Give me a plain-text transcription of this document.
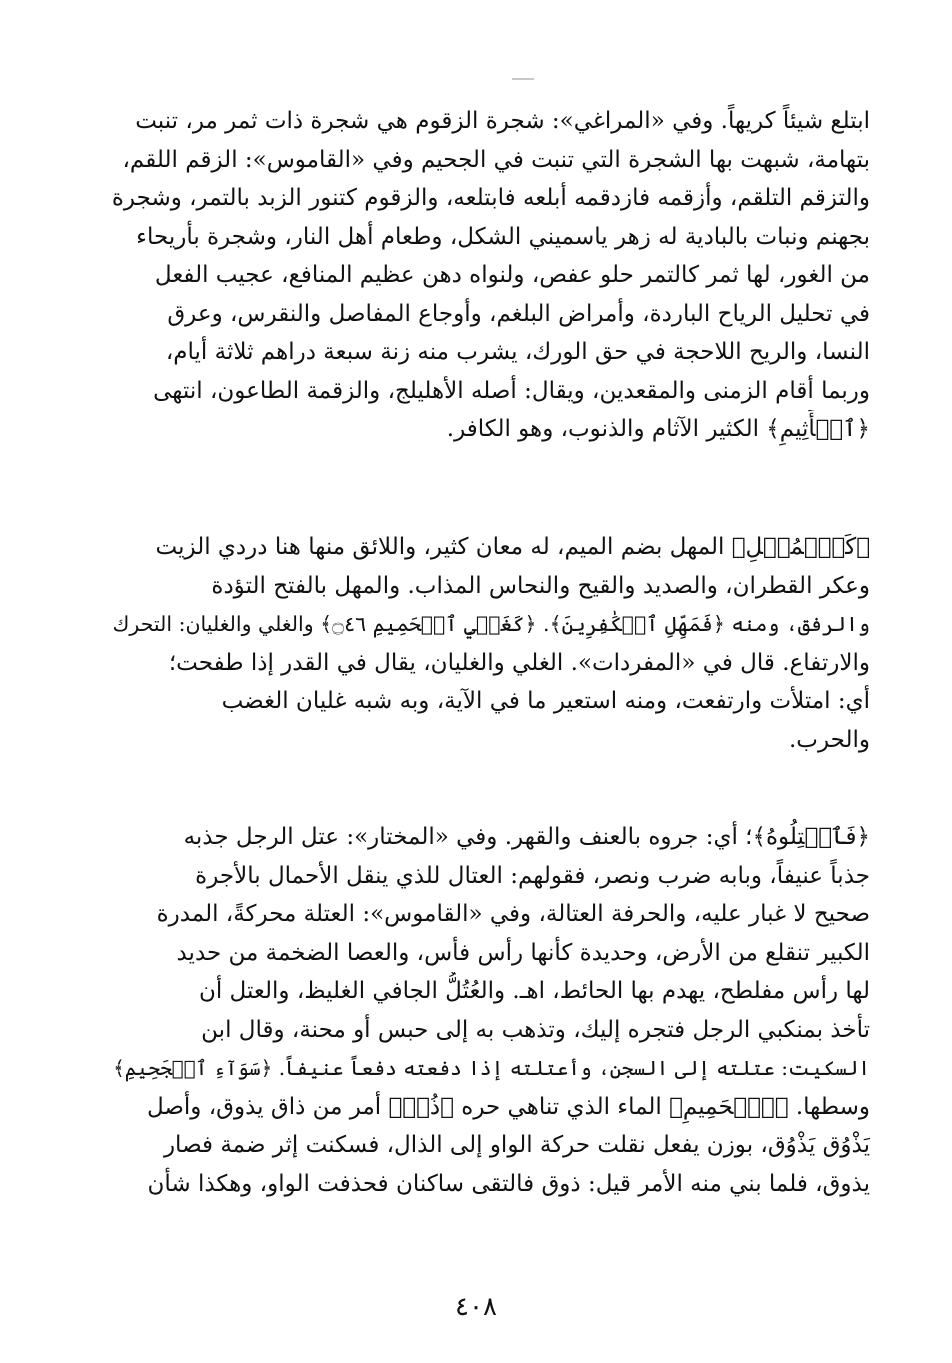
ابتلع شيئاً كريهاً. وفي «المراغي»: شجرة الزقوم هي شجرة ذات ثمر مر، تنبت
بتهامة، شبهت بها الشجرة التي تنبت في الجحيم وفي «القاموس»: الزقم اللقم،
والتزقم التلقم، وأزقمه فازدقمه أبلعه فابتلعه، والزقوم كتنور الزبد بالتمر، وشجرة
بجهنم ونبات بالبادية له زهر ياسميني الشكل، وطعام أهل النار، وشجرة بأريحاء
من الغور، لها ثمر كالتمر حلو عفص، ولنواه دهن عظيم المنافع، عجيب الفعل
في تحليل الرياح الباردة، وأمراض البلغم، وأوجاع المفاصل والنقرس، وعرق
النسا، والريح اللاحجة في حق الورك، يشرب منه زنة سبعة دراهم ثلاثة أيام،
وربما أقام الزمنى والمقعدين، ويقال: أصله الأهليلج، والزقمة الطاعون، انتهى
﴿ٱلۡأَثِيمِ﴾ الكثير الآثام والذنوب، وهو الكافر.
﴿كَٱلۡمُهۡلِ﴾ المهل بضم الميم، له معان كثير، واللائق منها هنا دردي الزيت
وعكر القطران، والصديد والقيح والنحاس المذاب. والمهل بالفتح التؤدة
والرفق، ومنه ﴿فَمَهِّلِ ٱلۡكَٰفِرِينَ﴾. ﴿كَغَلۡيِ ٱلۡحَمِيمِ ۝٤٦﴾ والغلي والغليان: التحرك
والارتفاع. قال في «المفردات». الغلي والغليان، يقال في القدر إذا طفحت؛
أي: امتلأت وارتفعت، ومنه استعير ما في الآية، وبه شبه غليان الغضب
والحرب.
﴿فَٱعۡتِلُوهُ﴾؛ أي: جروه بالعنف والقهر. وفي «المختار»: عتل الرجل جذبه
جذباً عنيفاً، وبابه ضرب ونصر، فقولهم: العتال للذي ينقل الأحمال بالأجرة
صحيح لا غبار عليه، والحرفة العتالة، وفي «القاموس»: العتلة محركةً، المدرة
الكبير تنقلع من الأرض، وحديدة كأنها رأس فأس، والعصا الضخمة من حديد
لها رأس مفلطح، يهدم بها الحائط، اهـ. والعُتُلُّ الجافي الغليظ، والعتل أن
تأخذ بمنكبي الرجل فتجره إليك، وتذهب به إلى حبس أو محنة، وقال ابن
السكيت: عتلته إلى السجن، وأعتلته إذا دفعته دفعاً عنيفاً. ﴿سَوَآءِ ٱلۡجَحِيمِ﴾
وسطها. ﴿ٱلۡحَمِيمِ﴾ الماء الذي تناهي حره ﴿ذُقۡ﴾ أمر من ذاق يذوق، وأصل
يَذْوُق يَذْوُق، بوزن يفعل نقلت حركة الواو إلى الذال، فسكنت إثر ضمة فصار
يذوق، فلما بني منه الأمر قيل: ذوق فالتقى ساكنان فحذفت الواو، وهكذا شأن
٤٠٨
